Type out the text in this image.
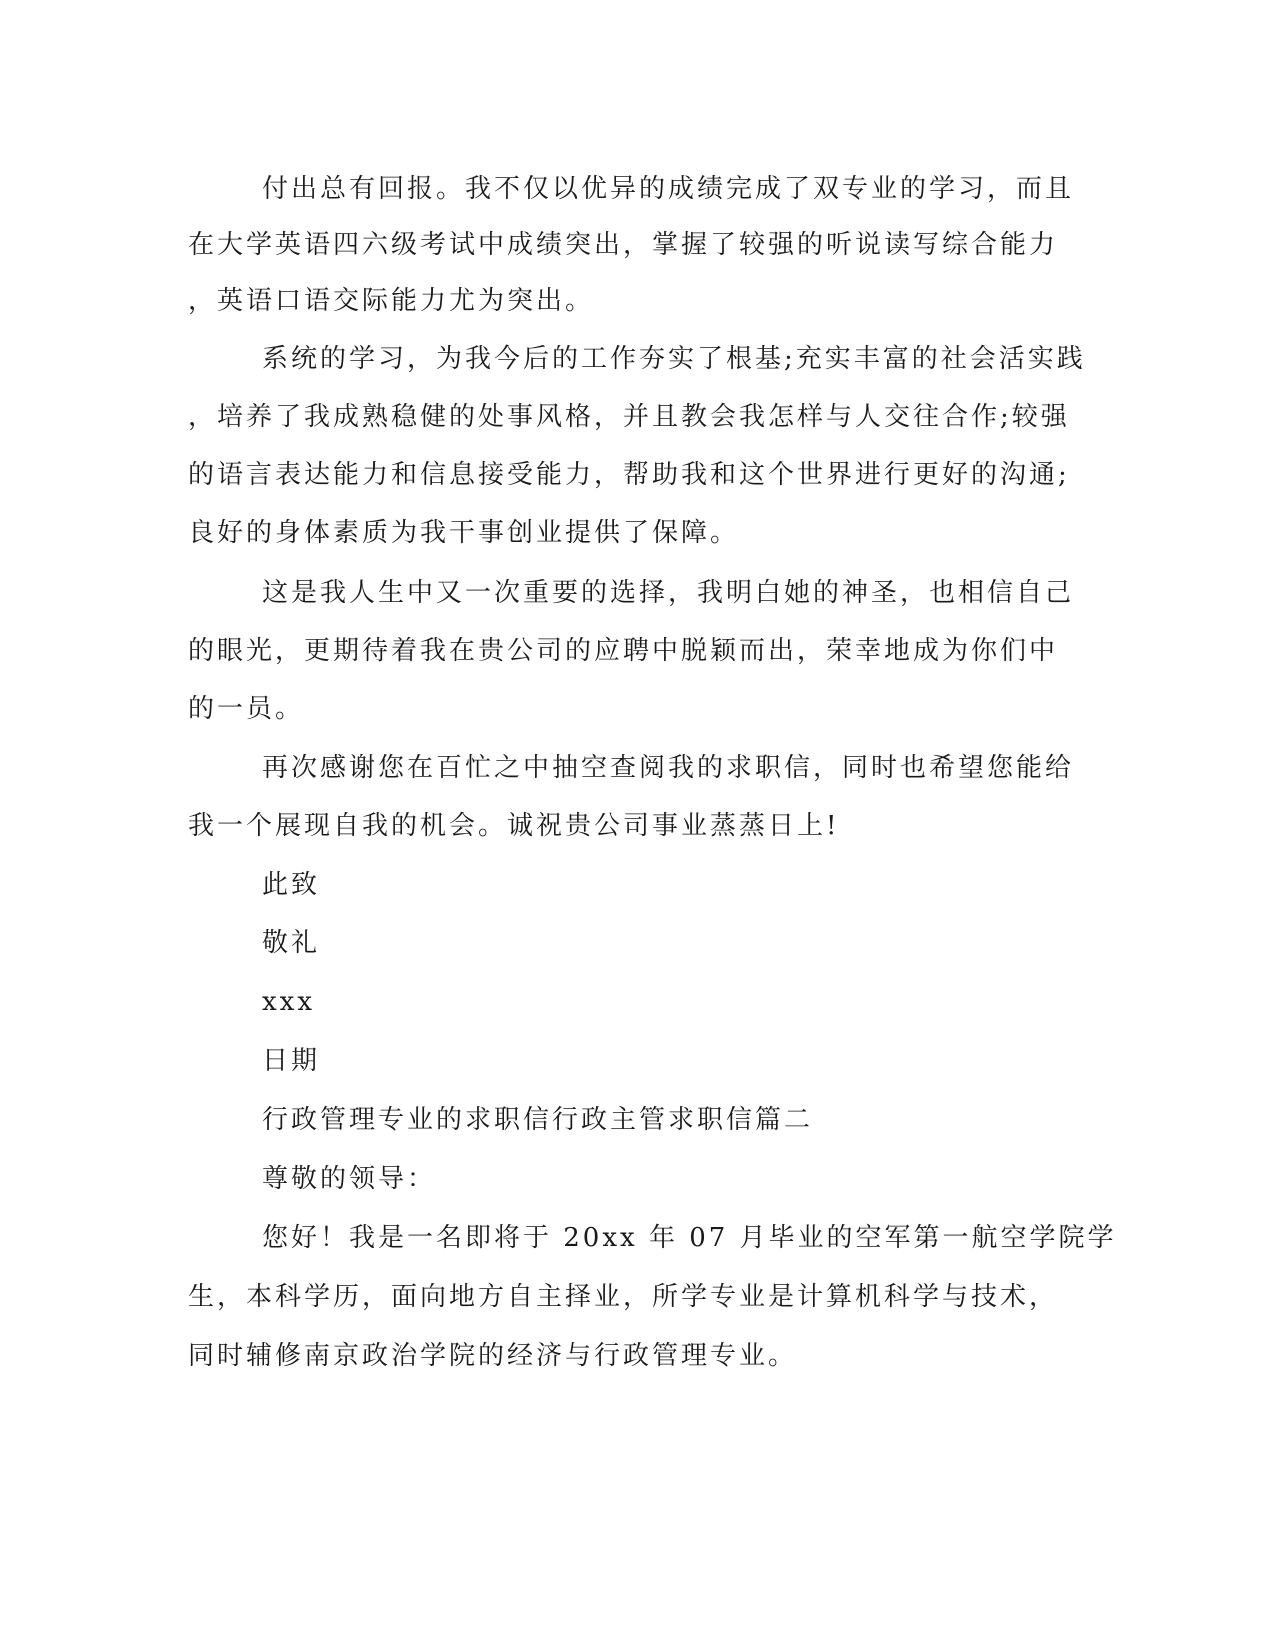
付出总有回报。我不仅以优异的成绩完成了双专业的学习，而且
在大学英语四六级考试中成绩突出，掌握了较强的听说读写综合能力
，英语口语交际能力尤为突出。
系统的学习，为我今后的工作夯实了根基;充实丰富的社会活实践
，培养了我成熟稳健的处事风格，并且教会我怎样与人交往合作;较强
的语言表达能力和信息接受能力，帮助我和这个世界进行更好的沟通;
良好的身体素质为我干事创业提供了保障。
这是我人生中又一次重要的选择，我明白她的神圣，也相信自己
的眼光，更期待着我在贵公司的应聘中脱颖而出，荣幸地成为你们中
的一员。
再次感谢您在百忙之中抽空查阅我的求职信，同时也希望您能给
我一个展现自我的机会。诚祝贵公司事业蒸蒸日上!
此致
敬礼
xxx
日期
行政管理专业的求职信行政主管求职信篇二
尊敬的领导：
您好！我是一名即将于 20xx 年 07 月毕业的空军第一航空学院学
生，本科学历，面向地方自主择业，所学专业是计算机科学与技术，
同时辅修南京政治学院的经济与行政管理专业。
